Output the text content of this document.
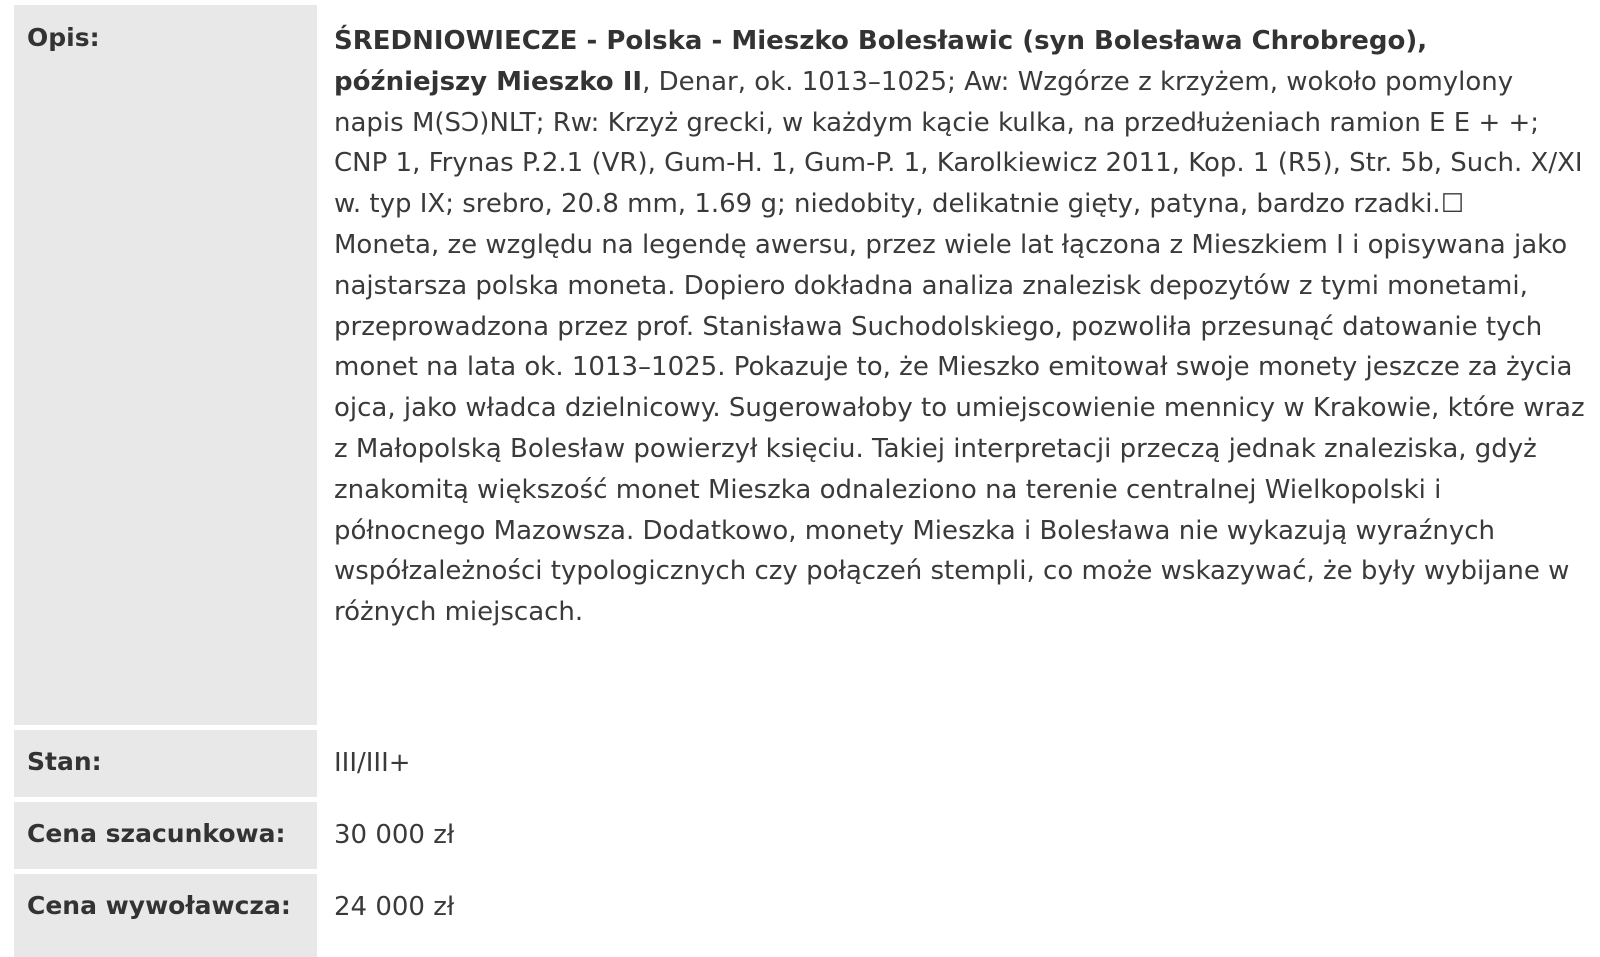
Opis:	ŚREDNIOWIECZE - Polska - Mieszko Bolesławic (syn Bolesława Chrobrego), późniejszy Mieszko II, Denar, ok. 1013–1025; Aw: Wzgórze z krzyżem, wokoło pomylony napis M(SƆ)NLT; Rw: Krzyż grecki, w każdym kącie kulka, na przedłużeniach ramion E E + +; CNP 1, Frynas P.2.1 (VR), Gum-H. 1, Gum-P. 1, Karolkiewicz 2011, Kop. 1 (R5), Str. 5b, Such. X/XI w. typ IX; srebro, 20.8 mm, 1.69 g; niedobity, delikatnie gięty, patyna, bardzo rzadki.☐
Moneta, ze względu na legendę awersu, przez wiele lat łączona z Mieszkiem I i opisywana jako najstarsza polska moneta. Dopiero dokładna analiza znalezisk depozytów z tymi monetami, przeprowadzona przez prof. Stanisława Suchodolskiego, pozwoliła przesunąć datowanie tych monet na lata ok. 1013–1025. Pokazuje to, że Mieszko emitował swoje monety jeszcze za życia ojca, jako władca dzielnicowy. Sugerowałoby to umiejscowienie mennicy w Krakowie, które wraz z Małopolską Bolesław powierzył księciu. Takiej interpretacji przeczą jednak znaleziska, gdyż znakomitą większość monet Mieszka odnaleziono na terenie centralnej Wielkopolski i północnego Mazowsza. Dodatkowo, monety Mieszka i Bolesława nie wykazują wyraźnych współzależności typologicznych czy połączeń stempli, co może wskazywać, że były wybijane w różnych miejscach.
Stan:	III/III+
Cena szacunkowa:	30 000 zł
Cena wywoławcza:	24 000 zł
